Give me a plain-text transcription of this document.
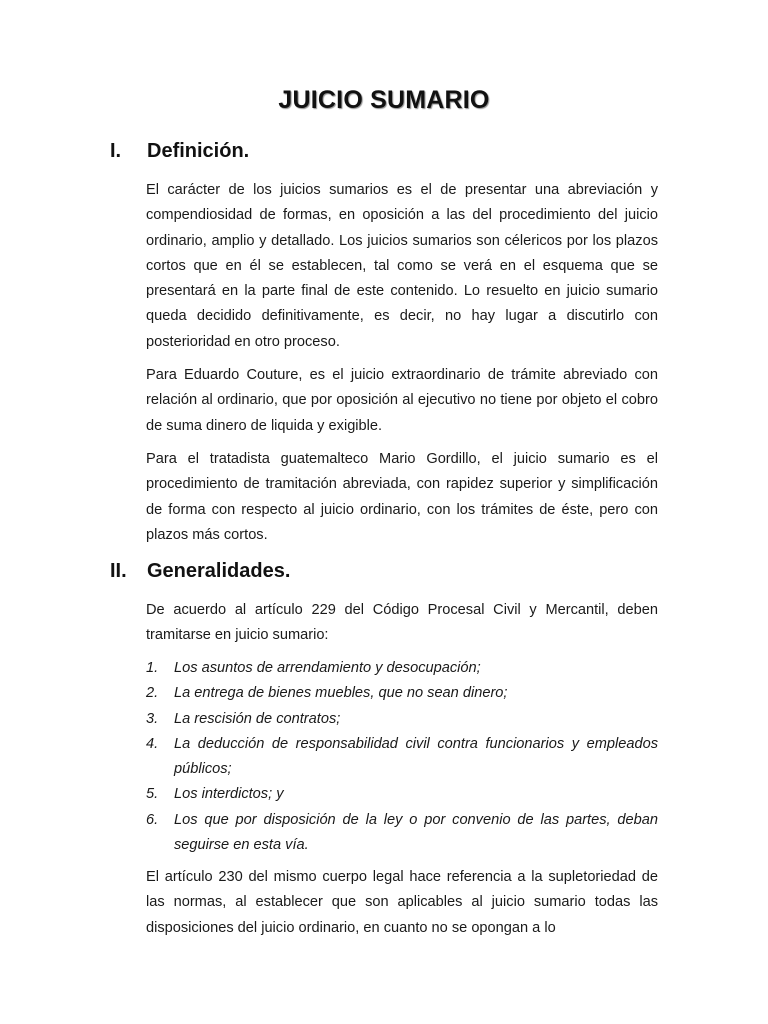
JUICIO SUMARIO
I.	Definición.

El carácter de los juicios sumarios es el de presentar una abreviación y compendiosidad de formas, en oposición a las del procedimiento del juicio ordinario, amplio y detallado. Los juicios sumarios son célericos por los plazos cortos que en él se establecen, tal como se verá en el esquema que se presentará en la parte final de este contenido. Lo resuelto en juicio sumario queda decidido definitivamente, es decir, no hay lugar a discutirlo con posterioridad en otro proceso.

Para Eduardo Couture, es el juicio extraordinario de trámite abreviado con relación al ordinario, que por oposición al ejecutivo no tiene por objeto el cobro de suma dinero de liquida y exigible.

Para el tratadista guatemalteco Mario Gordillo, el juicio sumario es el procedimiento de tramitación abreviada, con rapidez superior y simplificación de forma con respecto al juicio ordinario, con los trámites de éste, pero con plazos más cortos.

II.	Generalidades.

De acuerdo al artículo 229 del Código Procesal Civil y Mercantil, deben tramitarse en juicio sumario:

1.	Los asuntos de arrendamiento y desocupación;
2.	La entrega de bienes muebles, que no sean dinero;
3.	La rescisión de contratos;
4.	La deducción de responsabilidad civil contra funcionarios y empleados públicos;
5.	Los interdictos; y
6.	Los que por disposición de la ley o por convenio de las partes, deban seguirse en esta vía.

El artículo 230 del mismo cuerpo legal hace referencia a la supletoriedad de las normas, al establecer que son aplicables al juicio sumario todas las disposiciones del juicio ordinario, en cuanto no se opongan a lo
